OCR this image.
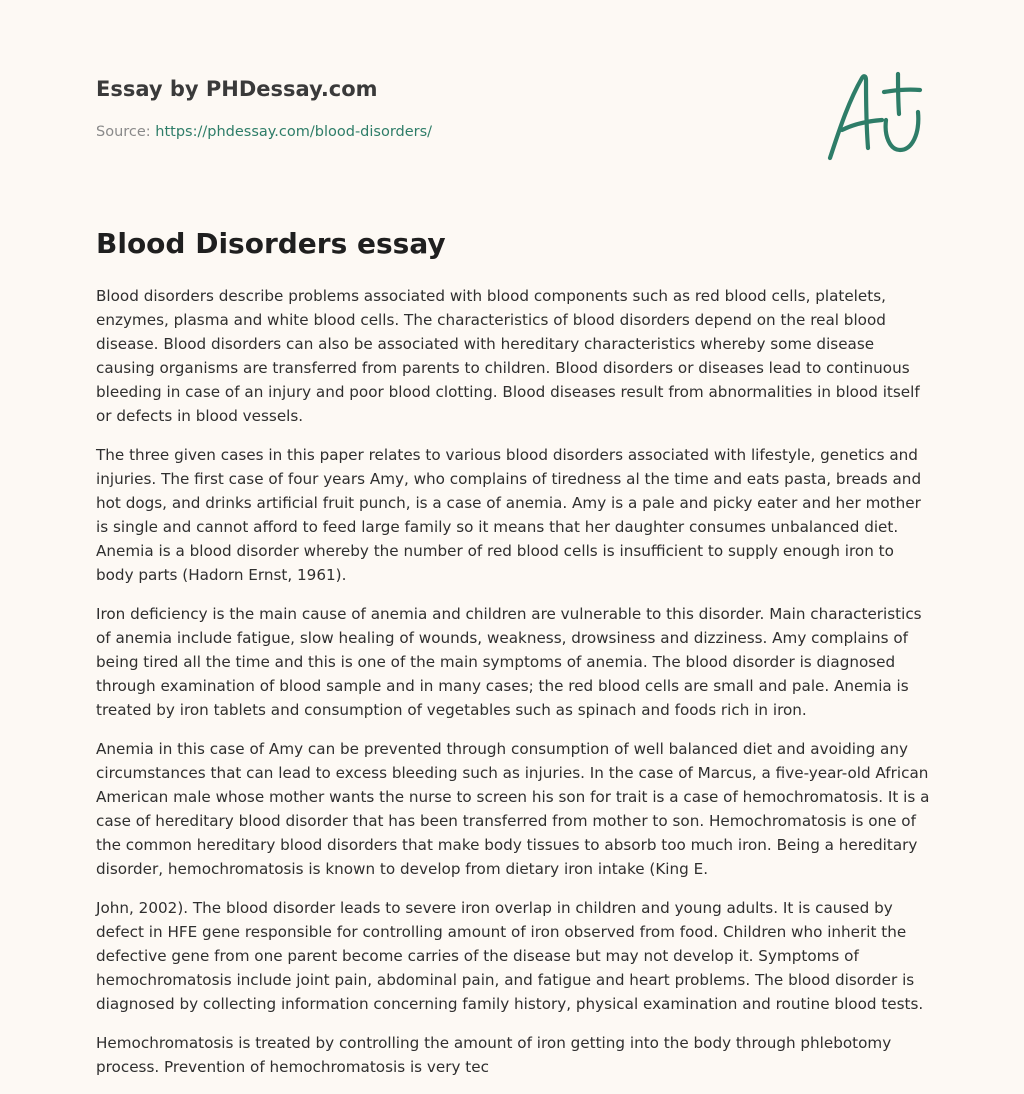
Essay by PHDessay.com
Source: https://phdessay.com/blood-disorders/
Blood Disorders essay

Blood disorders describe problems associated with blood components such as red blood cells, platelets, enzymes, plasma and white blood cells. The characteristics of blood disorders depend on the real blood disease. Blood disorders can also be associated with hereditary characteristics whereby some disease causing organisms are transferred from parents to children. Blood disorders or diseases lead to continuous bleeding in case of an injury and poor blood clotting. Blood diseases result from abnormalities in blood itself or defects in blood vessels.

The three given cases in this paper relates to various blood disorders associated with lifestyle, genetics and injuries. The first case of four years Amy, who complains of tiredness al the time and eats pasta, breads and hot dogs, and drinks artificial fruit punch, is a case of anemia. Amy is a pale and picky eater and her mother is single and cannot afford to feed large family so it means that her daughter consumes unbalanced diet. Anemia is a blood disorder whereby the number of red blood cells is insufficient to supply enough iron to body parts (Hadorn Ernst, 1961).

Iron deficiency is the main cause of anemia and children are vulnerable to this disorder. Main characteristics of anemia include fatigue, slow healing of wounds, weakness, drowsiness and dizziness. Amy complains of being tired all the time and this is one of the main symptoms of anemia. The blood disorder is diagnosed through examination of blood sample and in many cases; the red blood cells are small and pale. Anemia is treated by iron tablets and consumption of vegetables such as spinach and foods rich in iron.

Anemia in this case of Amy can be prevented through consumption of well balanced diet and avoiding any circumstances that can lead to excess bleeding such as injuries. In the case of Marcus, a five-year-old African American male whose mother wants the nurse to screen his son for trait is a case of hemochromatosis. It is a case of hereditary blood disorder that has been transferred from mother to son. Hemochromatosis is one of the common hereditary blood disorders that make body tissues to absorb too much iron. Being a hereditary disorder, hemochromatosis is known to develop from dietary iron intake (King E.

John, 2002). The blood disorder leads to severe iron overlap in children and young adults. It is caused by defect in HFE gene responsible for controlling amount of iron observed from food. Children who inherit the defective gene from one parent become carries of the disease but may not develop it. Symptoms of hemochromatosis include joint pain, abdominal pain, and fatigue and heart problems. The blood disorder is diagnosed by collecting information concerning family history, physical examination and routine blood tests.

Hemochromatosis is treated by controlling the amount of iron getting into the body through phlebotomy process. Prevention of hemochromatosis is very tec
